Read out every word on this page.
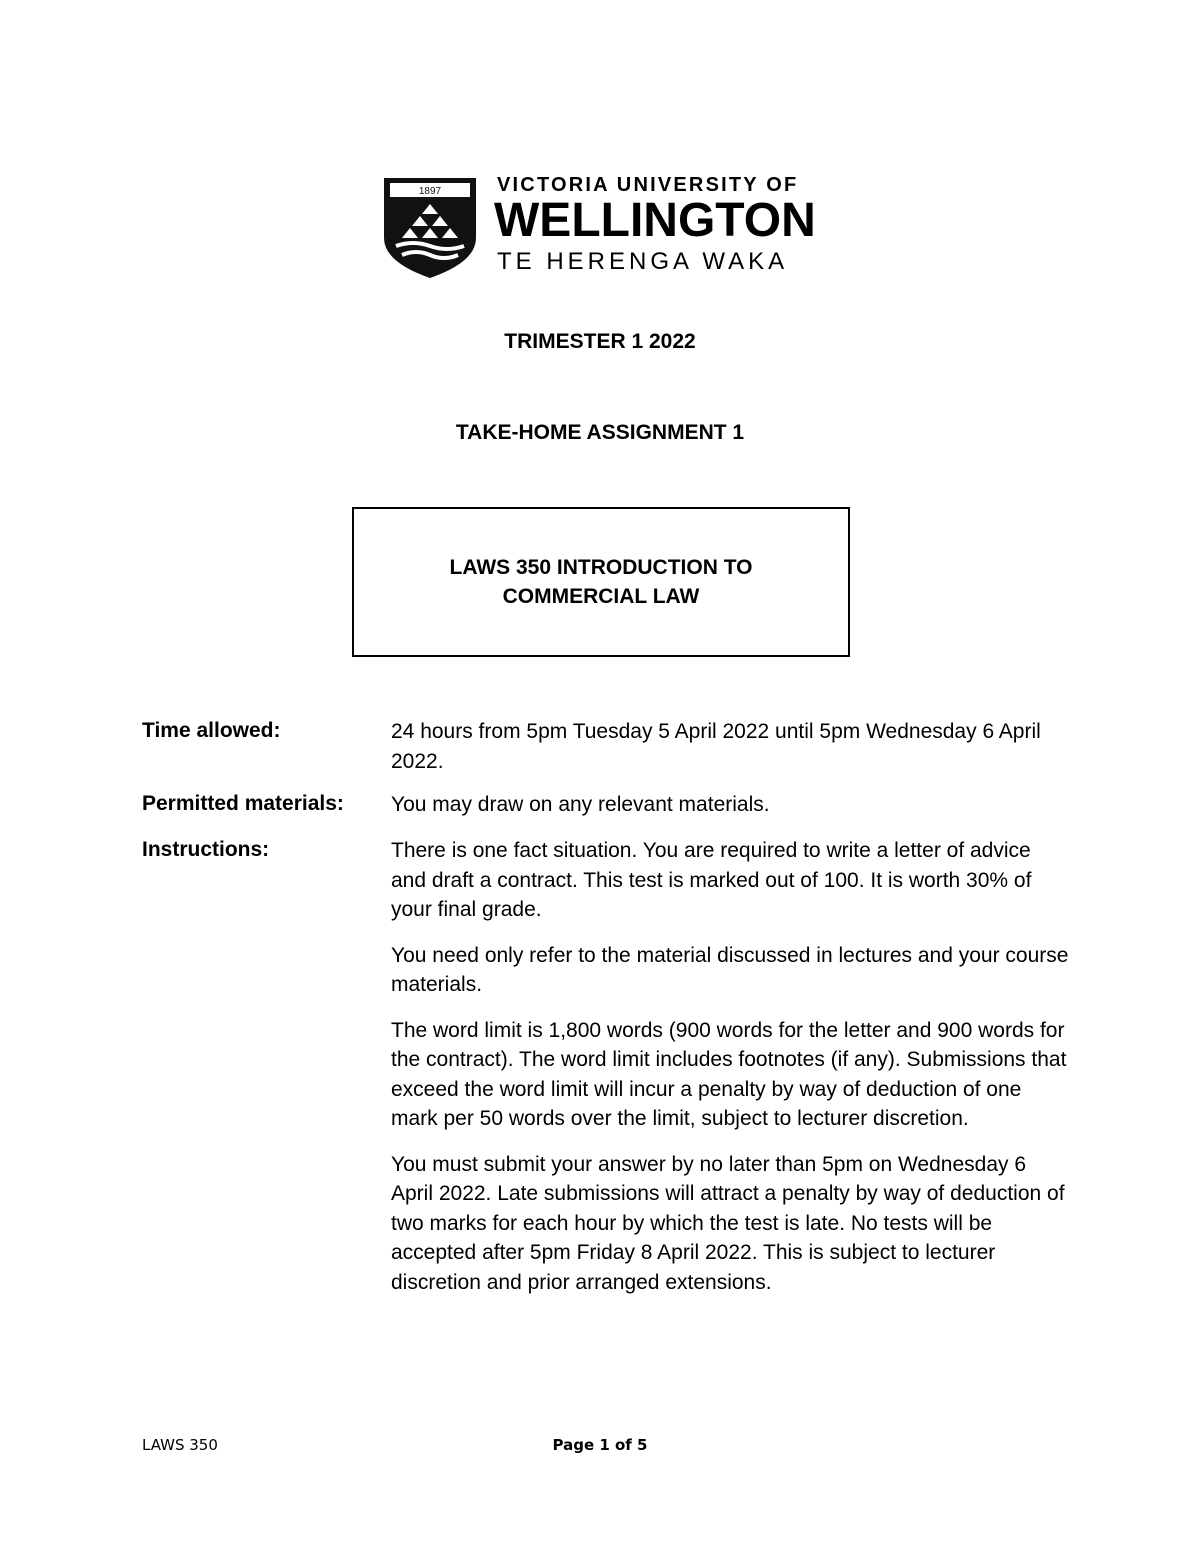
1897	VICTORIA UNIVERSITY OF
WELLINGTON
TE HERENGA WAKA
TRIMESTER 1 2022
TAKE-HOME ASSIGNMENT 1
LAWS 350 INTRODUCTION TO
COMMERCIAL LAW
Time allowed:	24 hours from 5pm Tuesday 5 April 2022 until 5pm Wednesday 6 April 2022.

Permitted materials: You may draw on any relevant materials.

Instructions:	There is one fact situation. You are required to write a letter of advice and draft a contract. This test is marked out of 100. It is worth 30% of your final grade.

You need only refer to the material discussed in lectures and your course materials.

The word limit is 1,800 words (900 words for the letter and 900 words for the contract). The word limit includes footnotes (if any). Submissions that exceed the word limit will incur a penalty by way of deduction of one mark per 50 words over the limit, subject to lecturer discretion.

You must submit your answer by no later than 5pm on Wednesday 6 April 2022. Late submissions will attract a penalty by way of deduction of two marks for each hour by which the test is late. No tests will be accepted after 5pm Friday 8 April 2022. This is subject to lecturer discretion and prior arranged extensions.

LAWS 350	Page 1 of 5
